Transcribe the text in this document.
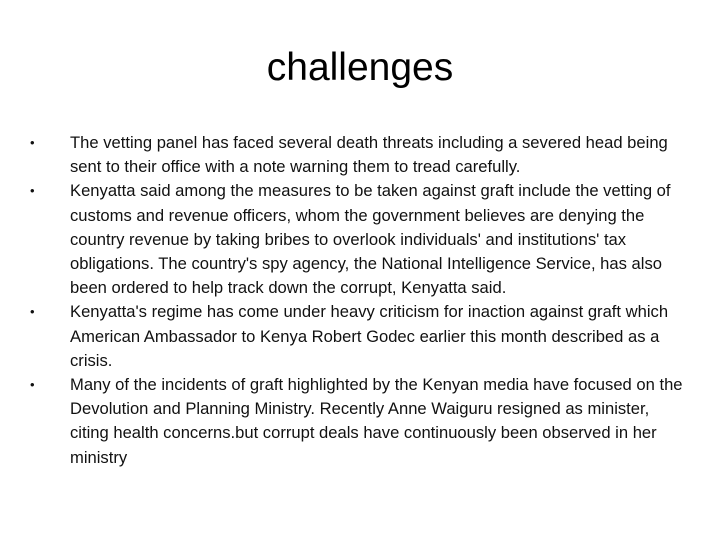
challenges
•	The vetting panel has faced several death threats including a severed head being sent to their office with a note warning them to tread carefully.
•	Kenyatta said among the measures to be taken against graft include the vetting of customs and revenue officers, whom the government believes are denying the country revenue by taking bribes to overlook individuals' and institutions' tax obligations. The country's spy agency, the National Intelligence Service, has also been ordered to help track down the corrupt, Kenyatta said.
•	Kenyatta's regime has come under heavy criticism for inaction against graft which American Ambassador to Kenya Robert Godec earlier this month described as a crisis.
•	Many of the incidents of graft highlighted by the Kenyan media have focused on the Devolution and Planning Ministry. Recently Anne Waiguru resigned as minister, citing health concerns.but corrupt deals have continuously been observed in her ministry
